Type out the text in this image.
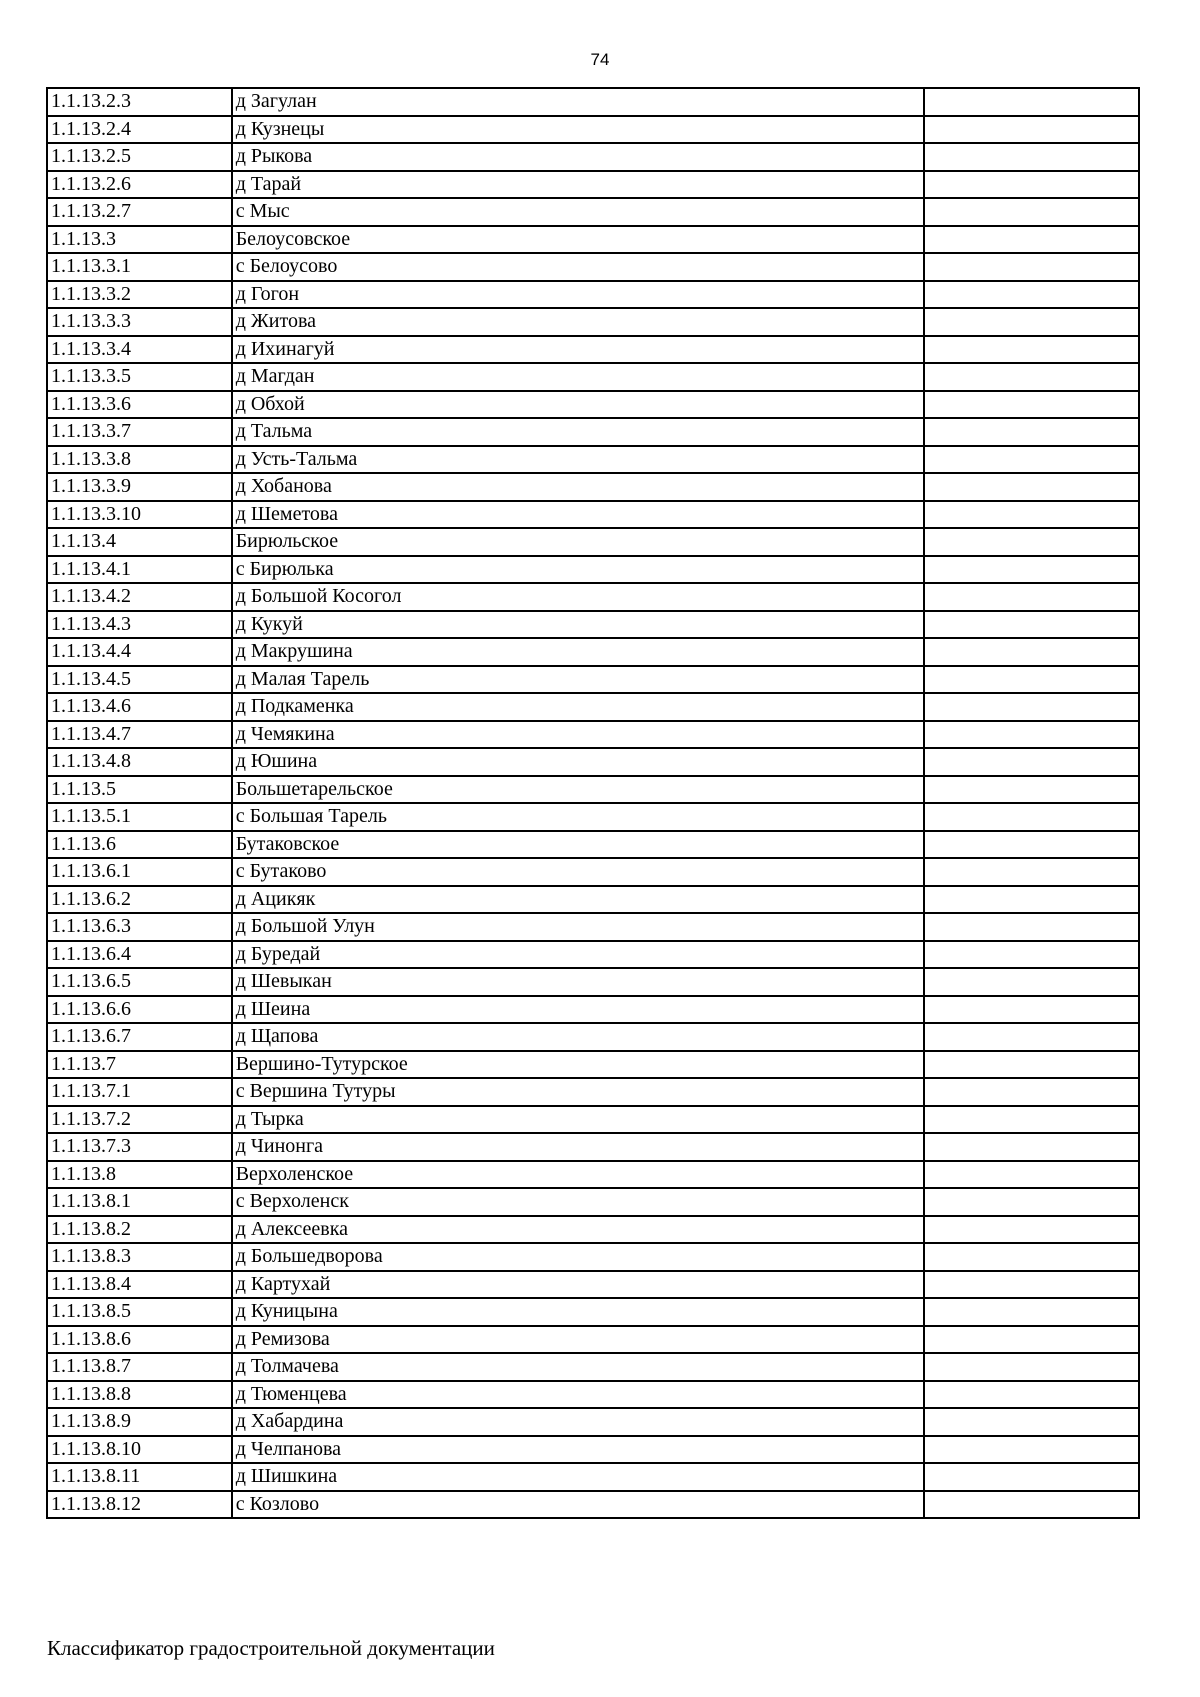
74
1.1.13.2.3	д Загулан	
1.1.13.2.4	д Кузнецы	
1.1.13.2.5	д Рыкова	
1.1.13.2.6	д Тарай	
1.1.13.2.7	с Мыс	
1.1.13.3	Белоусовское	
1.1.13.3.1	с Белоусово	
1.1.13.3.2	д Гогон	
1.1.13.3.3	д Житова	
1.1.13.3.4	д Ихинагуй	
1.1.13.3.5	д Магдан	
1.1.13.3.6	д Обхой	
1.1.13.3.7	д Тальма	
1.1.13.3.8	д Усть-Тальма	
1.1.13.3.9	д Хобанова	
1.1.13.3.10	д Шеметова	
1.1.13.4	Бирюльское	
1.1.13.4.1	с Бирюлька	
1.1.13.4.2	д Большой Косогол	
1.1.13.4.3	д Кукуй	
1.1.13.4.4	д Макрушина	
1.1.13.4.5	д Малая Тарель	
1.1.13.4.6	д Подкаменка	
1.1.13.4.7	д Чемякина	
1.1.13.4.8	д Юшина	
1.1.13.5	Большетарельское	
1.1.13.5.1	с Большая Тарель	
1.1.13.6	Бутаковское	
1.1.13.6.1	с Бутаково	
1.1.13.6.2	д Ацикяк	
1.1.13.6.3	д Большой Улун	
1.1.13.6.4	д Буредай	
1.1.13.6.5	д Шевыкан	
1.1.13.6.6	д Шеина	
1.1.13.6.7	д Щапова	
1.1.13.7	Вершино-Тутурское	
1.1.13.7.1	с Вершина Тутуры	
1.1.13.7.2	д Тырка	
1.1.13.7.3	д Чинонга	
1.1.13.8	Верхоленское	
1.1.13.8.1	с Верхоленск	
1.1.13.8.2	д Алексеевка	
1.1.13.8.3	д Большедворова	
1.1.13.8.4	д Картухай	
1.1.13.8.5	д Куницына	
1.1.13.8.6	д Ремизова	
1.1.13.8.7	д Толмачева	
1.1.13.8.8	д Тюменцева	
1.1.13.8.9	д Хабардина	
1.1.13.8.10	д Челпанова	
1.1.13.8.11	д Шишкина	
1.1.13.8.12	с Козлово	
Классификатор градостроительной документации
